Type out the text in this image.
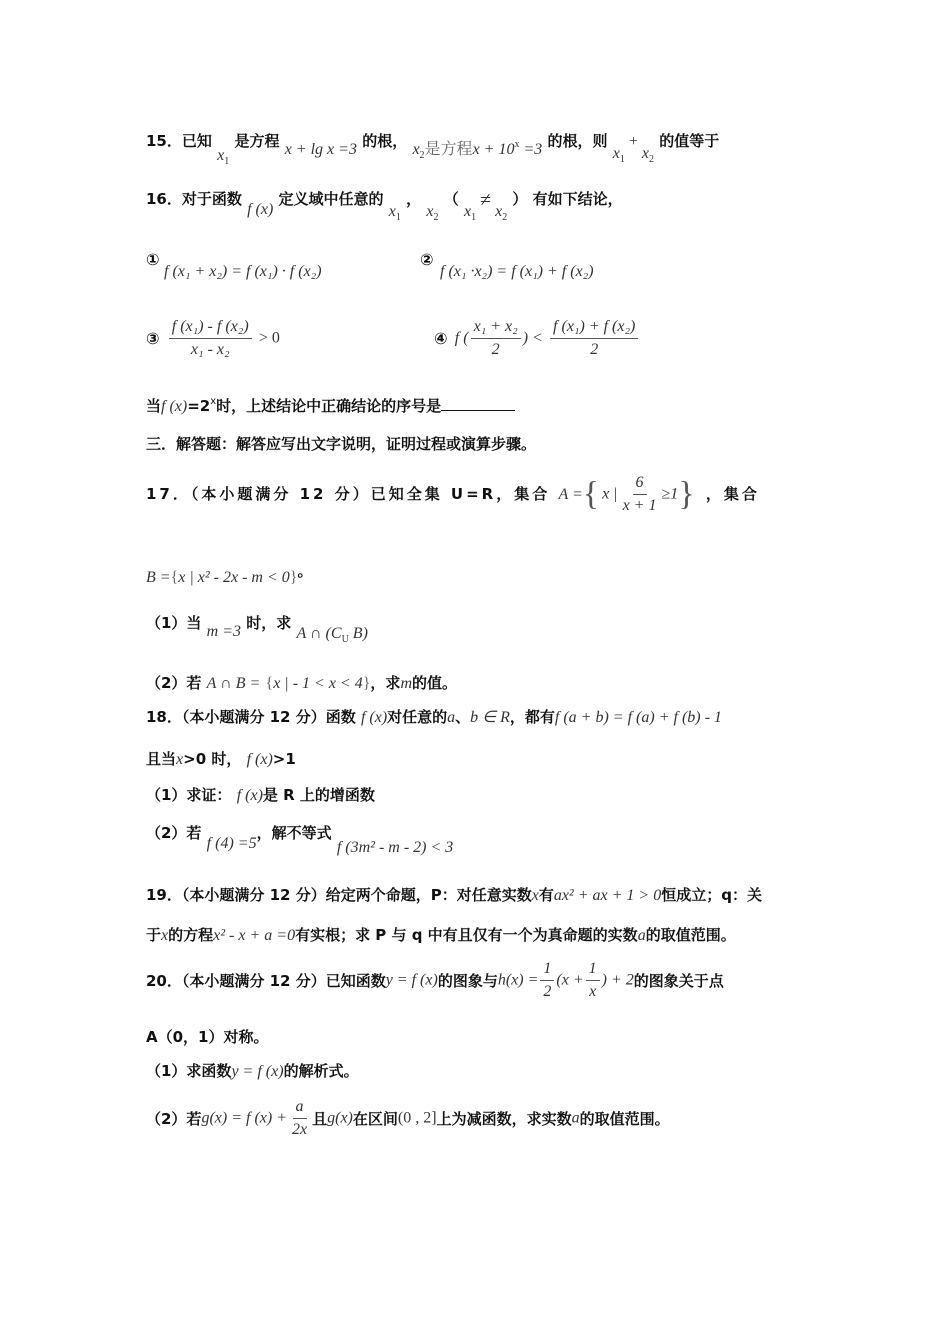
15．已知 $x_1$ 是方程 x + lg x =3 的根， $x_2$是方程$x + 10^x =3$ 的根，则 $x_1 + x_2$ 的值等于
16．对于函数 f (x) 定义域中任意的 $x_1$ ， $x_2$ （ $x_1 \ne x_2$ ） 有如下结论，
①
f (x₁ + x₂) = f (x₁) · f (x₂)
②
f (x₁ ·x₂) = f (x₁) + f (x₂)
③ $\frac{\text{f (x₁) - f (x₂)}}{\text{x₁ - x₂}} > 0$	④ f ( $\frac{\text{x₁ + x₂}}{2}$ ) < $\frac{\text{f (x₁) + f (x₂)}}{2}$
当f $(x)=2^x$时，上述结论中正确结论的序号是
三．解答题：解答应写出文字说明，证明过程或演算步骤。
17．（本小题满分 12 分）已知全集 U=R，集合 A ={x | $\frac{6}{x + 1} \ge 1$} ，集合
B ={x | x² - 2x - m < 0}。
（1）当 m =3 时，求 A ∩ ($C_U$ B)
（2）若 A ∩ B = {x | - 1 < x < 4}，求m的值。
18．（本小题满分 12 分）函数 f (x)对任意的a、b ∈ R，都有f (a + b) = f (a) + f (b) - 1
且当x>0 时， f (x)>1
（1）求证： f (x)是 R 上的增函数
（2）若 f (4) =5，解不等式 f (3m² - m - 2) < 3
19．（本小题满分 12 分）给定两个命题，P：对任意实数x有ax² + ax + 1 > 0恒成立；q：关
于x的方程x² - x + a =0有实根；求 P 与 q 中有且仅有一个为真命题的实数a的取值范围。
20．（本小题满分 12 分）已知函数y = f (x)的图象与$h(x) = \frac{1}{2} (x + \frac{1}{x}$ ) + 2的图象关于点
A（0，1）对称。
（1）求函数y = f (x)的解析式。
（2）若g(x) = f $(x) + \frac{a}{2x}$ 且g(x)在区间(0 , 2]上为减函数，求实数a的取值范围。
